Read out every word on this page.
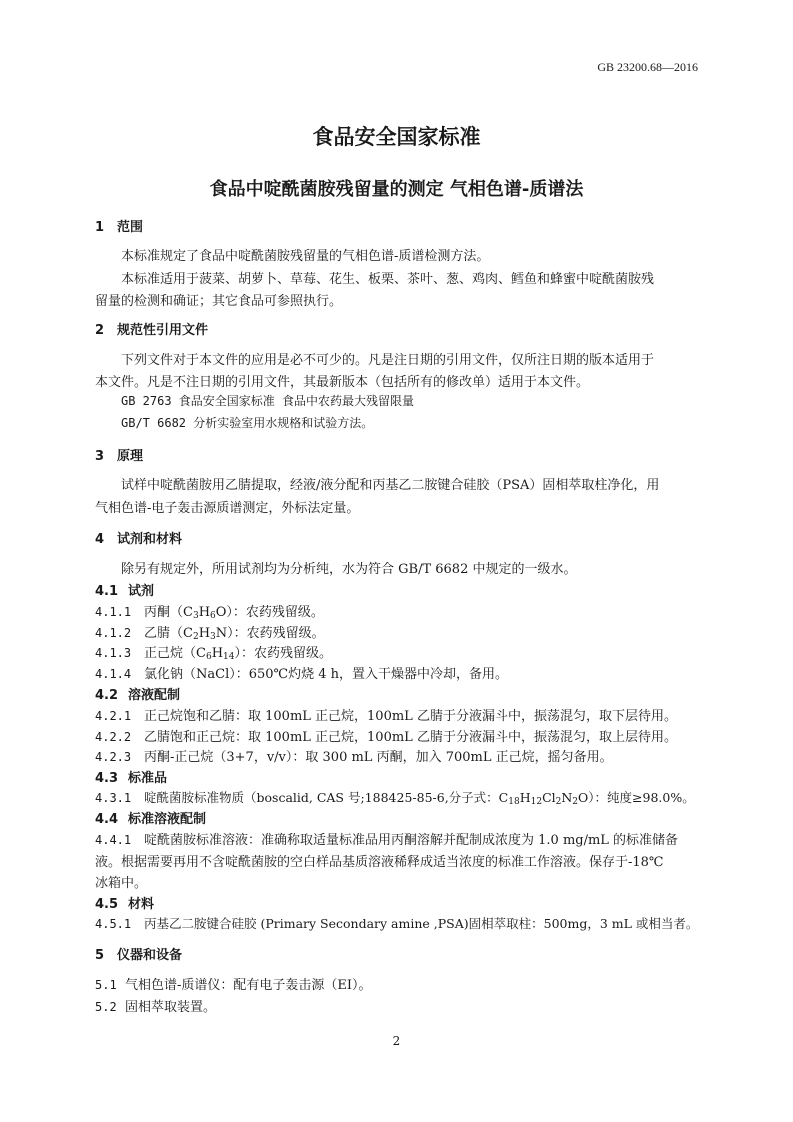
GB 23200.68—2016
食品安全国家标准
食品中啶酰菌胺残留量的测定 气相色谱-质谱法
1 范围
本标准规定了食品中啶酰菌胺残留量的气相色谱-质谱检测方法。
本标准适用于菠菜、胡萝卜、草莓、花生、板栗、茶叶、葱、鸡肉、鳕鱼和蜂蜜中啶酰菌胺残
留量的检测和确证；其它食品可参照执行。
2 规范性引用文件
下列文件对于本文件的应用是必不可少的。凡是注日期的引用文件，仅所注日期的版本适用于
本文件。凡是不注日期的引用文件，其最新版本（包括所有的修改单）适用于本文件。
GB 2763 食品安全国家标准 食品中农药最大残留限量
GB/T 6682 分析实验室用水规格和试验方法。
3 原理
试样中啶酰菌胺用乙腈提取，经液/液分配和丙基乙二胺键合硅胶（PSA）固相萃取柱净化，用
气相色谱-电子轰击源质谱测定，外标法定量。
4 试剂和材料
除另有规定外，所用试剂均为分析纯，水为符合 GB/T 6682 中规定的一级水。
4.1 试剂
4.1.1 丙酮$(C_3H_6O)$：农药残留级。
4.1.2 乙腈$(C_2H_3N)$：农药残留级。
4.1.3 正己烷$(C_6H_{14})$：农药残留级。
4.1.4 氯化钠（NaCl）：650℃灼烧 4 h，置入干燥器中冷却，备用。
4.2 溶液配制
4.2.1 正己烷饱和乙腈：取 100mL 正己烷，100mL 乙腈于分液漏斗中，振荡混匀，取下层待用。
4.2.2 乙腈饱和正己烷：取 100mL 正己烷，100mL 乙腈于分液漏斗中，振荡混匀，取上层待用。
4.2.3 丙酮-正己烷（3+7，v/v）：取 300 mL 丙酮，加入 700mL 正己烷，摇匀备用。
4.3 标准品
4.3.1 啶酰菌胺标准物质（boscalid, CAS 号;188425-85-6,分子式：$C_{18}H_{12}Cl_2N_2O$）：纯度≥98.0%。
4.4 标准溶液配制
4.4.1 啶酰菌胺标准溶液：准确称取适量标准品用丙酮溶解并配制成浓度为 1.0 mg/mL 的标准储备
液。根据需要再用不含啶酰菌胺的空白样品基质溶液稀释成适当浓度的标准工作溶液。保存于-18℃
冰箱中。
4.5 材料
4.5.1 丙基乙二胺键合硅胶 (Primary Secondary amine ,PSA)固相萃取柱：500mg，3 mL 或相当者。
5 仪器和设备
5.1 气相色谱-质谱仪：配有电子轰击源（EI）。
5.2 固相萃取装置。
2
